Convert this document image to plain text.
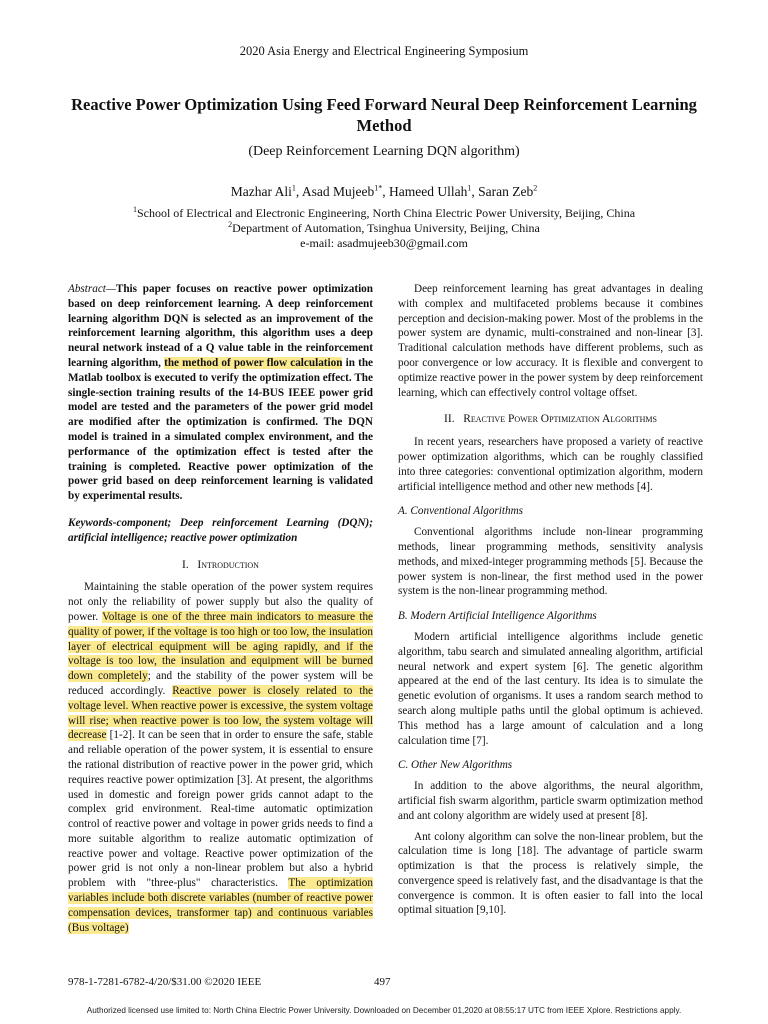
2020 Asia Energy and Electrical Engineering Symposium
Reactive Power Optimization Using Feed Forward Neural Deep Reinforcement Learning Method
(Deep Reinforcement Learning DQN algorithm)
Mazhar Ali$^1$, Asad Mujeeb$^{1*}$, Hameed Ullah$^1$, Saran Zeb$^2$
$^1$School of Electrical and Electronic Engineering, North China Electric Power University, Beijing, China
$^2$Department of Automation, Tsinghua University, Beijing, China
e-mail: asadmujeeb30@gmail.com

Abstract—This paper focuses on reactive power optimization based on deep reinforcement learning. A deep reinforcement learning algorithm DQN is selected as an improvement of the reinforcement learning algorithm, this algorithm uses a deep neural network instead of a Q value table in the reinforcement learning algorithm, the method of power flow calculation in the Matlab toolbox is executed to verify the optimization effect. The single-section training results of the 14-BUS IEEE power grid model are tested and the parameters of the power grid model are modified after the optimization is confirmed. The DQN model is trained in a simulated complex environment, and the performance of the optimization effect is tested after the training is completed. Reactive power optimization of the power grid based on deep reinforcement learning is validated by experimental results.

Keywords-component; Deep reinforcement Learning (DQN); artificial intelligence; reactive power optimization

I. Introduction

Maintaining the stable operation of the power system requires not only the reliability of power supply but also the quality of power. Voltage is one of the three main indicators to measure the quality of power, if the voltage is too high or too low, the insulation layer of electrical equipment will be aging rapidly, and if the voltage is too low, the insulation and equipment will be burned down completely; and the stability of the power system will be reduced accordingly. Reactive power is closely related to the voltage level. When reactive power is excessive, the system voltage will rise; when reactive power is too low, the system voltage will decrease [1-2]. It can be seen that in order to ensure the safe, stable and reliable operation of the power system, it is essential to ensure the rational distribution of reactive power in the power grid, which requires reactive power optimization [3]. At present, the algorithms used in domestic and foreign power grids cannot adapt to the complex grid environment. Real-time automatic optimization control of reactive power and voltage in power grids needs to find a more suitable algorithm to realize automatic optimization of reactive power and voltage. Reactive power optimization of the power grid is not only a non-linear problem but also a hybrid problem with "three-plus" characteristics. The optimization variables include both discrete variables (number of reactive power compensation devices, transformer tap) and continuous variables (Bus voltage)

Deep reinforcement learning has great advantages in dealing with complex and multifaceted problems because it combines perception and decision-making power. Most of the problems in the power system are dynamic, multi-constrained and non-linear [3]. Traditional calculation methods have different problems, such as poor convergence or low accuracy. It is flexible and convergent to optimize reactive power in the power system by deep reinforcement learning, which can effectively control voltage offset.

II. Reactive Power Optimization Algorithms

In recent years, researchers have proposed a variety of reactive power optimization algorithms, which can be roughly classified into three categories: conventional optimization algorithm, modern artificial intelligence method and other new methods [4].

A. Conventional Algorithms

Conventional algorithms include non-linear programming methods, linear programming methods, sensitivity analysis methods, and mixed-integer programming methods [5]. Because the power system is non-linear, the first method used in the power system is the non-linear programming method.

B. Modern Artificial Intelligence Algorithms

Modern artificial intelligence algorithms include genetic algorithm, tabu search and simulated annealing algorithm, artificial neural network and expert system [6]. The genetic algorithm appeared at the end of the last century. Its idea is to simulate the genetic evolution of organisms. It uses a random search method to search along multiple paths until the global optimum is achieved. This method has a large amount of calculation and a long calculation time [7].

C. Other New Algorithms

In addition to the above algorithms, the neural algorithm, artificial fish swarm algorithm, particle swarm optimization method and ant colony algorithm are widely used at present [8].

Ant colony algorithm can solve the non-linear problem, but the calculation time is long [18]. The advantage of particle swarm optimization is that the process is relatively simple, the convergence speed is relatively fast, and the disadvantage is that the convergence is common. It is often easier to fall into the local optimal situation [9,10].

978-1-7281-6782-4/20/$31.00 ©2020 IEEE	497
Authorized licensed use limited to: North China Electric Power University. Downloaded on December 01,2020 at 08:55:17 UTC from IEEE Xplore. Restrictions apply.
